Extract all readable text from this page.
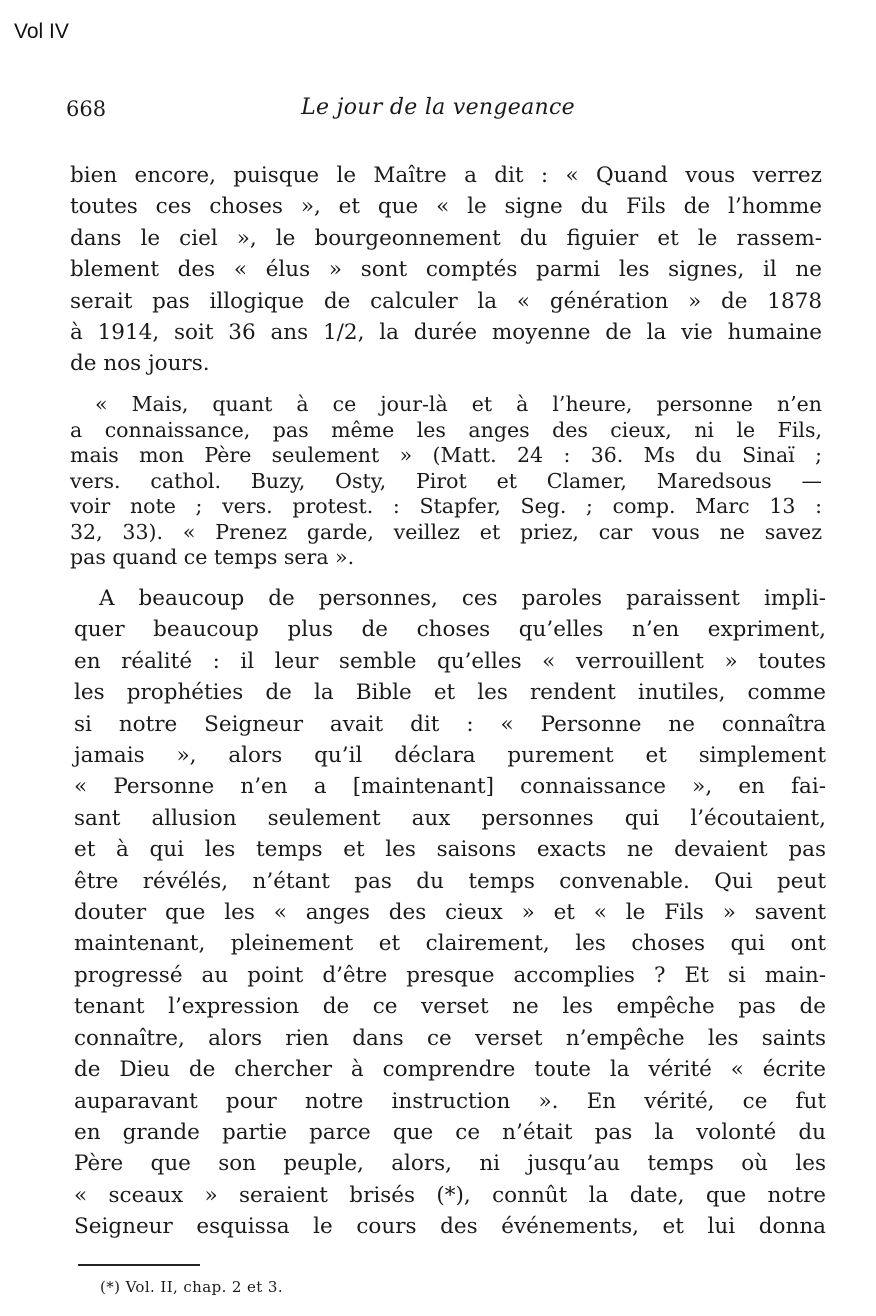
Vol IV
668	Le jour de la vengeance
bien encore, puisque le Maître a dit : « Quand vous verrez
toutes ces choses », et que « le signe du Fils de l’homme
dans le ciel », le bourgeonnement du figuier et le rassem-
blement des « élus » sont comptés parmi les signes, il ne
serait pas illogique de calculer la « génération » de 1878
à 1914, soit 36 ans 1/2, la durée moyenne de la vie humaine
de nos jours.
« Mais, quant à ce jour-là et à l’heure, personne n’en
a connaissance, pas même les anges des cieux, ni le Fils,
mais mon Père seulement » (Matt. 24 : 36. Ms du Sinaï ;
vers. cathol. Buzy, Osty, Pirot et Clamer, Maredsous —
voir note ; vers. protest. : Stapfer, Seg. ; comp. Marc 13 :
32, 33). « Prenez garde, veillez et priez, car vous ne savez
pas quand ce temps sera ».
A beaucoup de personnes, ces paroles paraissent impli-
quer beaucoup plus de choses qu’elles n’en expriment,
en réalité : il leur semble qu’elles « verrouillent » toutes
les prophéties de la Bible et les rendent inutiles, comme
si notre Seigneur avait dit : « Personne ne connaîtra
jamais », alors qu’il déclara purement et simplement
« Personne n’en a [maintenant] connaissance », en fai-
sant allusion seulement aux personnes qui l’écoutaient,
et à qui les temps et les saisons exacts ne devaient pas
être révélés, n’étant pas du temps convenable. Qui peut
douter que les « anges des cieux » et « le Fils » savent
maintenant, pleinement et clairement, les choses qui ont
progressé au point d’être presque accomplies ? Et si main-
tenant l’expression de ce verset ne les empêche pas de
connaître, alors rien dans ce verset n’empêche les saints
de Dieu de chercher à comprendre toute la vérité « écrite
auparavant pour notre instruction ». En vérité, ce fut
en grande partie parce que ce n’était pas la volonté du
Père que son peuple, alors, ni jusqu’au temps où les
« sceaux » seraient brisés (*), connût la date, que notre
Seigneur esquissa le cours des événements, et lui donna
(*) Vol. II, chap. 2 et 3.
